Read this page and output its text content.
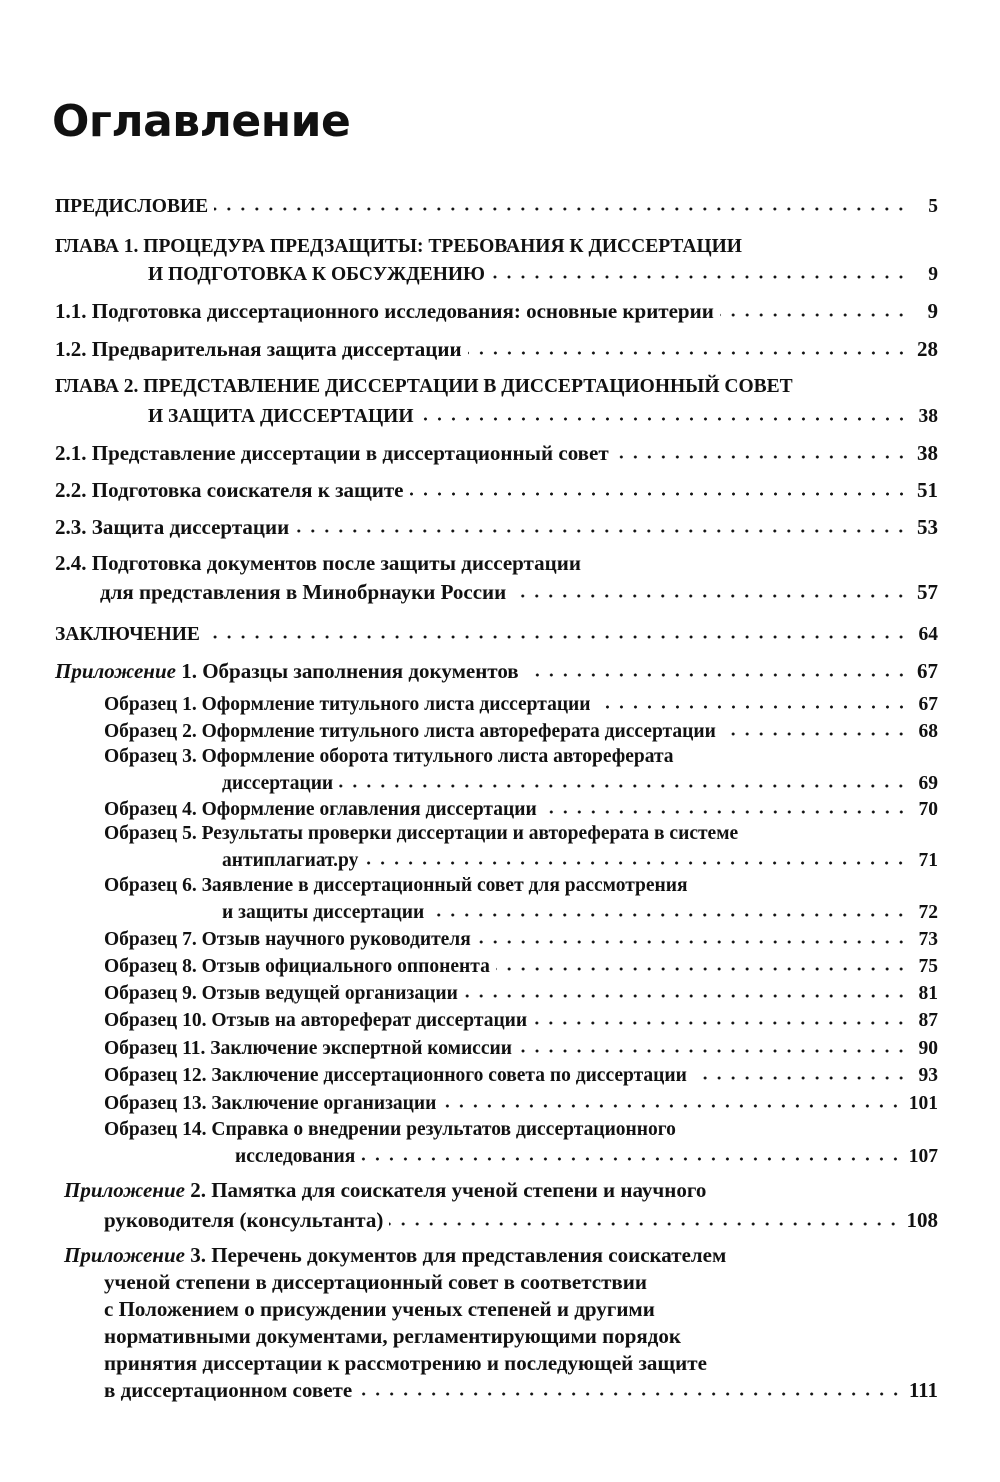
Оглавление
ПРЕДИСЛОВИЕ	5
ГЛАВА 1. ПРОЦЕДУРА ПРЕДЗАЩИТЫ: ТРЕБОВАНИЯ К ДИССЕРТАЦИИ
И ПОДГОТОВКА К ОБСУЖДЕНИЮ	9
1.1. Подготовка диссертационного исследования: основные критерии	9
1.2. Предварительная защита диссертации	28
ГЛАВА 2. ПРЕДСТАВЛЕНИЕ ДИССЕРТАЦИИ В ДИССЕРТАЦИОННЫЙ СОВЕТ
И ЗАЩИТА ДИССЕРТАЦИИ	38
2.1. Представление диссертации в диссертационный совет	38
2.2. Подготовка соискателя к защите	51
2.3. Защита диссертации	53
2.4. Подготовка документов после защиты диссертации
для представления в Минобрнауки России	57
ЗАКЛЮЧЕНИЕ	64
Приложение 1. Образцы заполнения документов	67
Образец 1. Оформление титульного листа диссертации	67
Образец 2. Оформление титульного листа автореферата диссертации	68
Образец 3. Оформление оборота титульного листа автореферата
диссертации	69
Образец 4. Оформление оглавления диссертации	70
Образец 5. Результаты проверки диссертации и автореферата в системе
антиплагиат.ру	71
Образец 6. Заявление в диссертационный совет для рассмотрения
и защиты диссертации	72
Образец 7. Отзыв научного руководителя	73
Образец 8. Отзыв официального оппонента	75
Образец 9. Отзыв ведущей организации	81
Образец 10. Отзыв на автореферат диссертации	87
Образец 11. Заключение экспертной комиссии	90
Образец 12. Заключение диссертационного совета по диссертации	93
Образец 13. Заключение организации	101
Образец 14. Справка о внедрении результатов диссертационного
исследования	107
Приложение 2. Памятка для соискателя ученой степени и научного
руководителя (консультанта)	108
Приложение 3. Перечень документов для представления соискателем
ученой степени в диссертационный совет в соответствии
с Положением о присуждении ученых степеней и другими
нормативными документами, регламентирующими порядок
принятия диссертации к рассмотрению и последующей защите
в диссертационном совете	111
